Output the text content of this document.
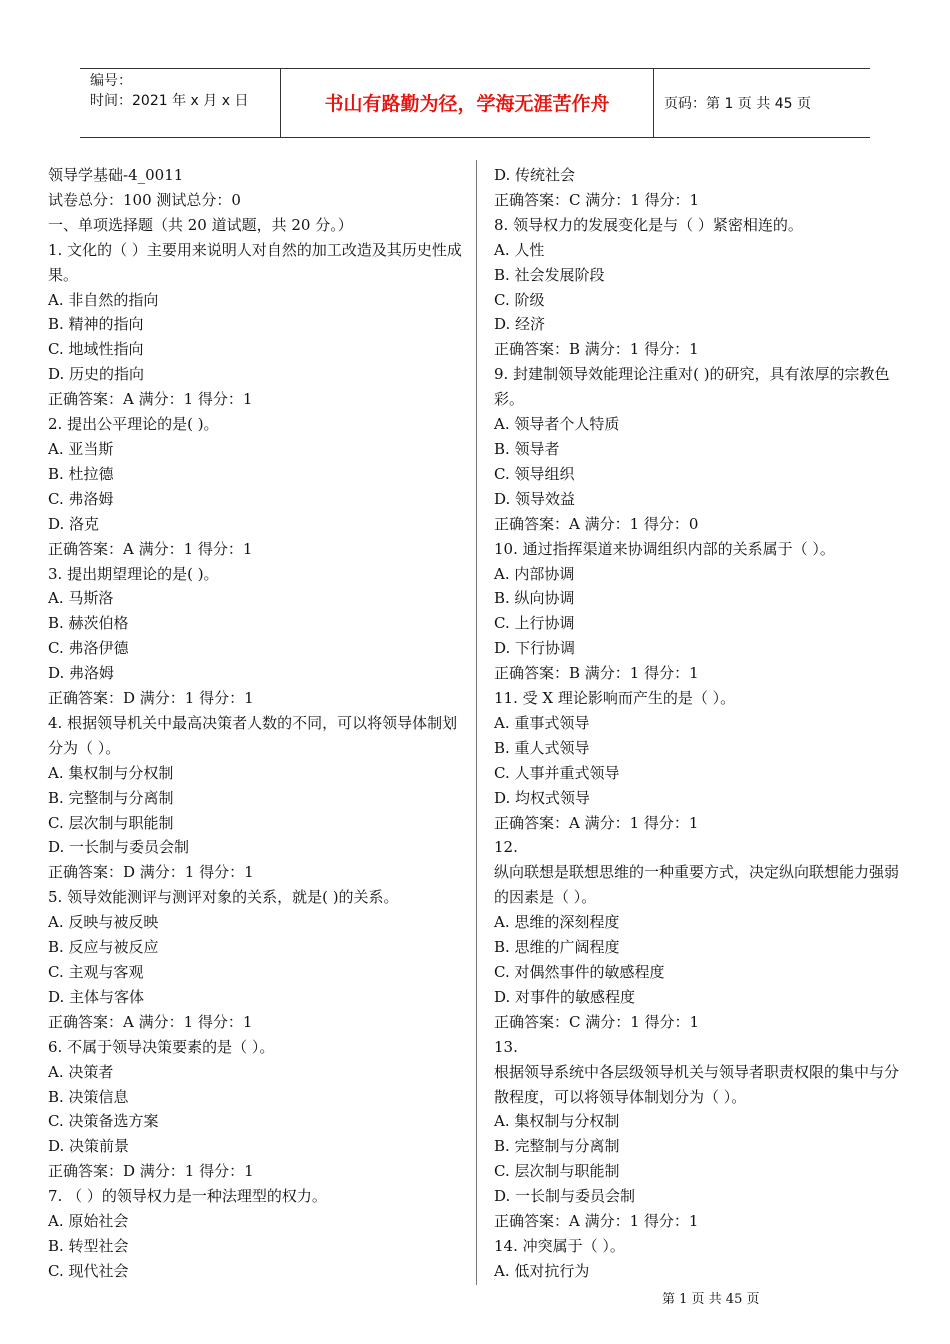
编号：
时间：2021 年 x 月 x 日	书山有路勤为径，学海无涯苦作舟	页码：第 1 页 共 45 页
领导学基础-4_0011
试卷总分：100 测试总分：0
一、单项选择题（共 20 道试题，共 20 分。）
1. 文化的（ ）主要用来说明人对自然的加工改造及其历史性成果。
A. 非自然的指向
B. 精神的指向
C. 地域性指向
D. 历史的指向
正确答案：A 满分：1 得分：1
2. 提出公平理论的是( )。
A. 亚当斯
B. 杜拉德
C. 弗洛姆
D. 洛克
正确答案：A 满分：1 得分：1
3. 提出期望理论的是( )。
A. 马斯洛
B. 赫茨伯格
C. 弗洛伊德
D. 弗洛姆
正确答案：D 满分：1 得分：1
4. 根据领导机关中最高决策者人数的不同，可以将领导体制划分为（ ）。
A. 集权制与分权制
B. 完整制与分离制
C. 层次制与职能制
D. 一长制与委员会制
正确答案：D 满分：1 得分：1
5. 领导效能测评与测评对象的关系，就是( )的关系。
A. 反映与被反映
B. 反应与被反应
C. 主观与客观
D. 主体与客体
正确答案：A 满分：1 得分：1
6. 不属于领导决策要素的是（ ）。
A. 决策者
B. 决策信息
C. 决策备选方案
D. 决策前景
正确答案：D 满分：1 得分：1
7. （ ）的领导权力是一种法理型的权力。
A. 原始社会
B. 转型社会
C. 现代社会
D. 传统社会
正确答案：C 满分：1 得分：1
8. 领导权力的发展变化是与（ ）紧密相连的。
A. 人性
B. 社会发展阶段
C. 阶级
D. 经济
正确答案：B 满分：1 得分：1
9. 封建制领导效能理论注重对( )的研究，具有浓厚的宗教色彩。
A. 领导者个人特质
B. 领导者
C. 领导组织
D. 领导效益
正确答案：A 满分：1 得分：0
10. 通过指挥渠道来协调组织内部的关系属于（ ）。
A. 内部协调
B. 纵向协调
C. 上行协调
D. 下行协调
正确答案：B 满分：1 得分：1
11. 受 X 理论影响而产生的是（ ）。
A. 重事式领导
B. 重人式领导
C. 人事并重式领导
D. 均权式领导
正确答案：A 满分：1 得分：1
12.
纵向联想是联想思维的一种重要方式，决定纵向联想能力强弱的因素是（ ）。
A. 思维的深刻程度
B. 思维的广阔程度
C. 对偶然事件的敏感程度
D. 对事件的敏感程度
正确答案：C 满分：1 得分：1
13.
根据领导系统中各层级领导机关与领导者职责权限的集中与分散程度，可以将领导体制划分为（ ）。
A. 集权制与分权制
B. 完整制与分离制
C. 层次制与职能制
D. 一长制与委员会制
正确答案：A 满分：1 得分：1
14. 冲突属于（ ）。
A. 低对抗行为
第 1 页 共 45 页
